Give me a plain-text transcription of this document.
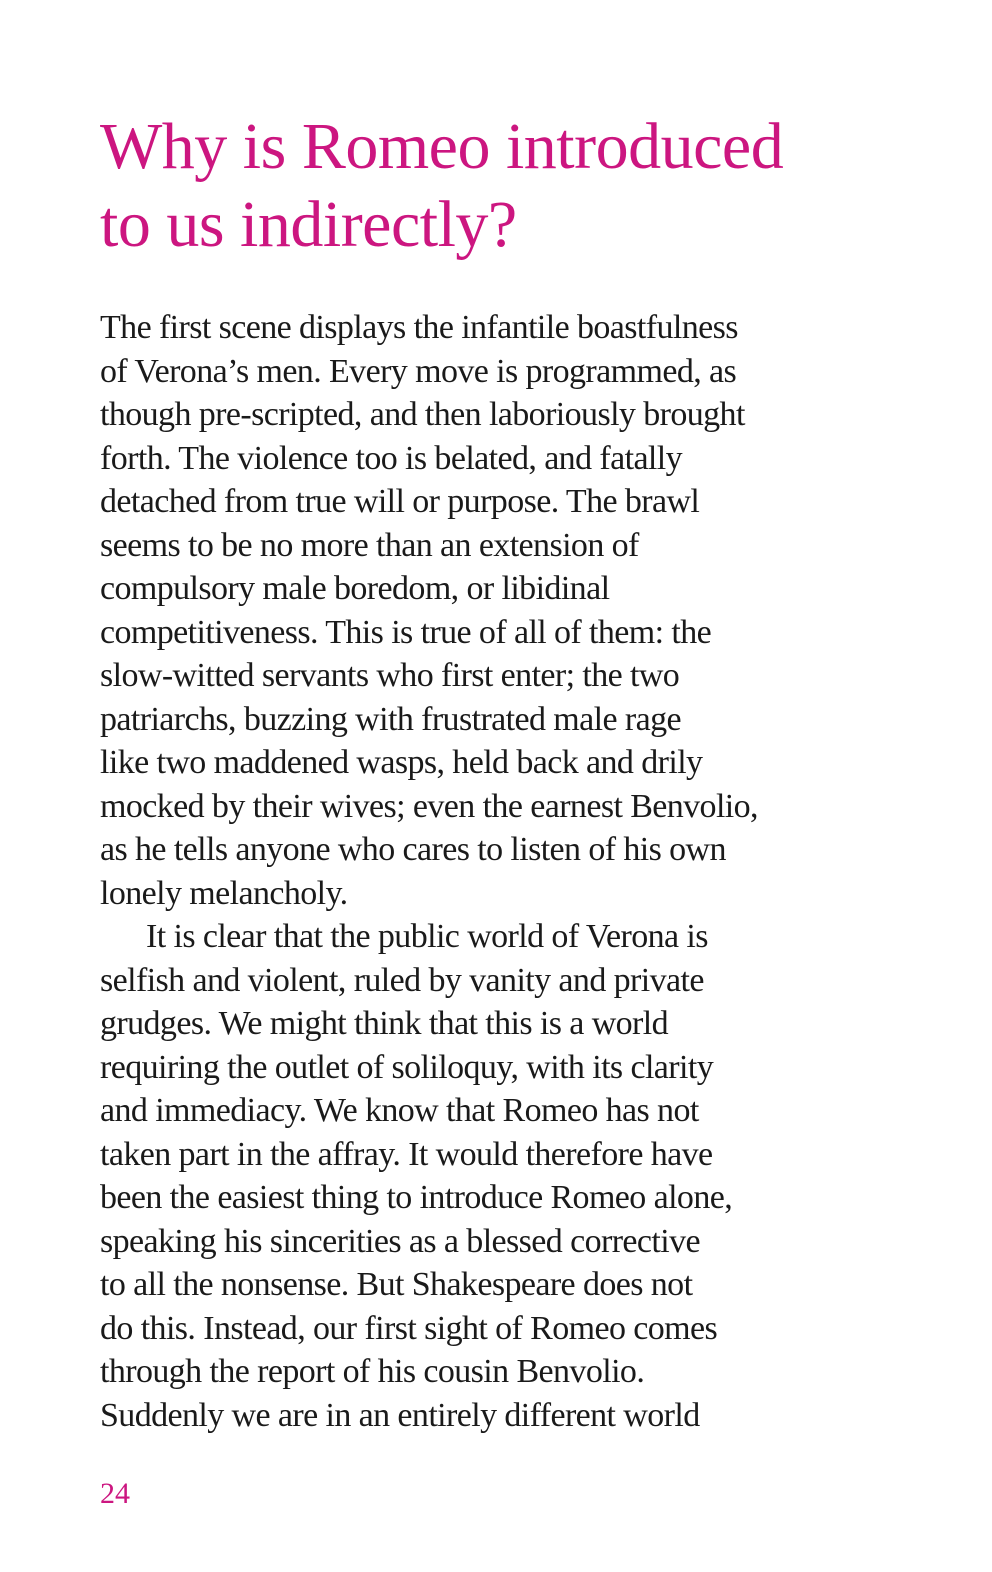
Why is Romeo introduced
to us indirectly?
The first scene displays the infantile boastfulness
of Verona’s men. Every move is programmed, as
though pre-scripted, and then laboriously brought
forth. The violence too is belated, and fatally
detached from true will or purpose. The brawl
seems to be no more than an extension of
compulsory male boredom, or libidinal
competitiveness. This is true of all of them: the
slow-witted servants who first enter; the two
patriarchs, buzzing with frustrated male rage
like two maddened wasps, held back and drily
mocked by their wives; even the earnest Benvolio,
as he tells anyone who cares to listen of his own
lonely melancholy.
It is clear that the public world of Verona is
selfish and violent, ruled by vanity and private
grudges. We might think that this is a world
requiring the outlet of soliloquy, with its clarity
and immediacy. We know that Romeo has not
taken part in the affray. It would therefore have
been the easiest thing to introduce Romeo alone,
speaking his sincerities as a blessed corrective
to all the nonsense. But Shakespeare does not
do this. Instead, our first sight of Romeo comes
through the report of his cousin Benvolio.
Suddenly we are in an entirely different world
24
